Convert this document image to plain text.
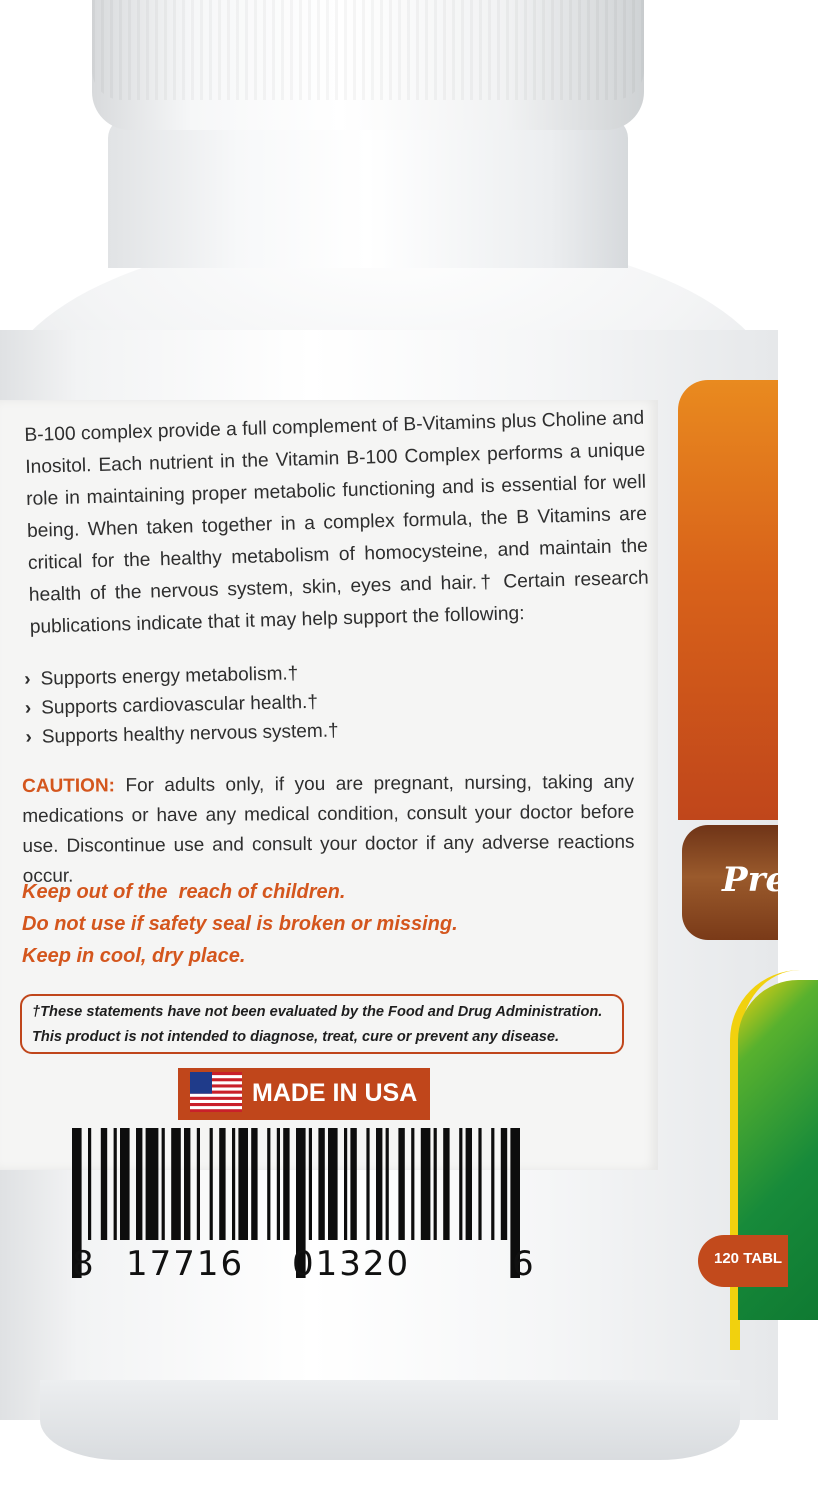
Prem
120 TABL
B-100 complex provide a full complement of B-Vitamins plus Choline and Inositol. Each nutrient in the Vitamin B-100 Complex performs a unique role in maintaining proper metabolic functioning and is essential for well being. When taken together in a complex formula, the B Vitamins are critical for the healthy metabolism of homocysteine, and maintain the health of the nervous system, skin, eyes and hair.† Certain research publications indicate that it may help support the following:
› Supports energy metabolism.†
› Supports cardiovascular health.†
› Supports healthy nervous system.†
CAUTION: For adults only, if you are pregnant, nursing, taking any medications or have any medical condition, consult your doctor before use. Discontinue use and consult your doctor if any adverse reactions occur.
Keep out of the  reach of children.
Do not use if safety seal is broken or missing.
Keep in cool, dry place.
†These statements have not been evaluated by the Food and Drug Administration. This product is not intended to diagnose, treat, cure or prevent any disease.
MADE IN USA
8 17716 01320	6
